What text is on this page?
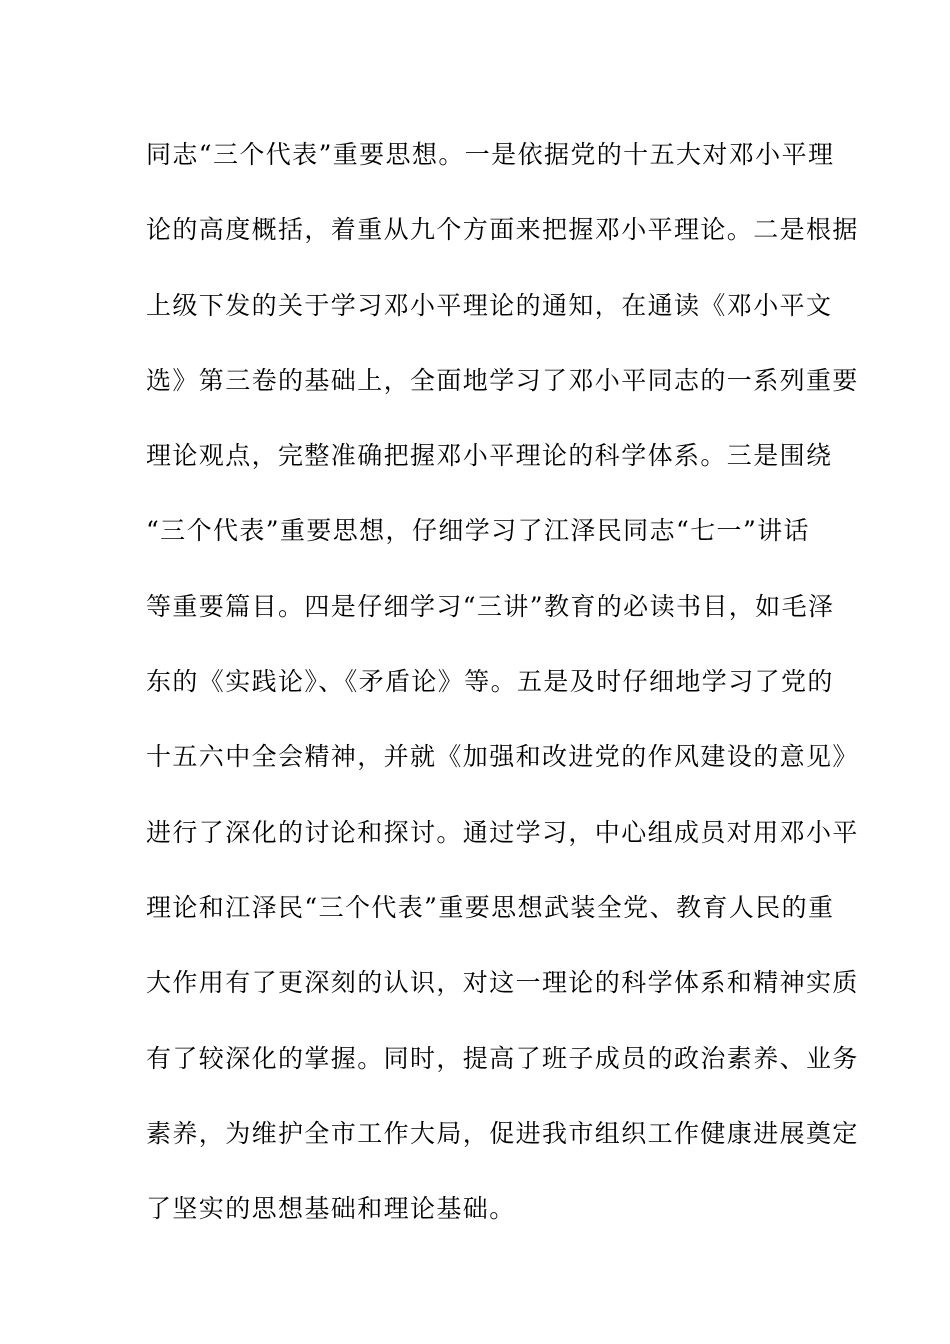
同志“三个代表”重要思想。一是依据党的十五大对邓小平理
论的高度概括，着重从九个方面来把握邓小平理论。二是根据
上级下发的关于学习邓小平理论的通知，在通读《邓小平文
选》第三卷的基础上，全面地学习了邓小平同志的一系列重要
理论观点，完整准确把握邓小平理论的科学体系。三是围绕
“三个代表”重要思想，仔细学习了江泽民同志“七一”讲话
等重要篇目。四是仔细学习“三讲”教育的必读书目，如毛泽
东的《实践论》、《矛盾论》等。五是及时仔细地学习了党的
十五六中全会精神，并就《加强和改进党的作风建设的意见》
进行了深化的讨论和探讨。通过学习，中心组成员对用邓小平
理论和江泽民“三个代表”重要思想武装全党、教育人民的重
大作用有了更深刻的认识，对这一理论的科学体系和精神实质
有了较深化的掌握。同时，提高了班子成员的政治素养、业务
素养，为维护全市工作大局，促进我市组织工作健康进展奠定
了坚实的思想基础和理论基础。
